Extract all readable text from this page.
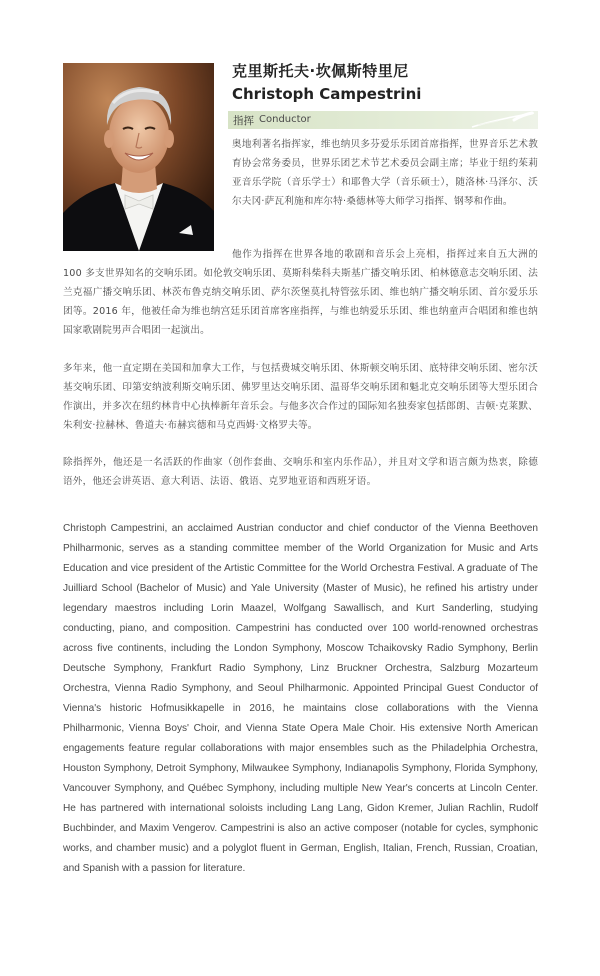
克里斯托夫·坎佩斯特里尼
Christoph Campestrini
指挥 Conductor

奥地利著名指挥家，维也纳贝多芬爱乐乐团首席指挥，世界音乐艺术教育协会常务委员，世界乐团艺术节艺术委员会副主席；毕业于纽约茱莉亚音乐学院（音乐学士）和耶鲁大学（音乐硕士），随洛林·马泽尔、沃尔夫冈·萨瓦利施和库尔特·桑德林等大师学习指挥、钢琴和作曲。

他作为指挥在世界各地的歌剧和音乐会上亮相，指挥过来自五大洲的 100 多支世界知名的交响乐团。如伦敦交响乐团、莫斯科柴科夫斯基广播交响乐团、柏林德意志交响乐团、法兰克福广播交响乐团、林茨布鲁克纳交响乐团、萨尔茨堡莫扎特管弦乐团、维也纳广播交响乐团、首尔爱乐乐团等。2016 年，他被任命为维也纳宫廷乐团首席客座指挥，与维也纳爱乐乐团、维也纳童声合唱团和维也纳国家歌剧院男声合唱团一起演出。

多年来，他一直定期在美国和加拿大工作，与包括费城交响乐团、休斯顿交响乐团、底特律交响乐团、密尔沃基交响乐团、印第安纳波利斯交响乐团、佛罗里达交响乐团、温哥华交响乐团和魁北克交响乐团等大型乐团合作演出，并多次在纽约林肯中心执棒新年音乐会。与他多次合作过的国际知名独奏家包括郎朗、吉顿·克莱默、朱利安·拉赫林、鲁道夫·布赫宾德和马克西姆·文格罗夫等。

除指挥外，他还是一名活跃的作曲家（创作套曲、交响乐和室内乐作品），并且对文学和语言颇为热衷，除德语外，他还会讲英语、意大利语、法语、俄语、克罗地亚语和西班牙语。

Christoph Campestrini, an acclaimed Austrian conductor and chief conductor of the Vienna Beethoven Philharmonic, serves as a standing committee member of the World Organization for Music and Arts Education and vice president of the Artistic Committee for the World Orchestra Festival. A graduate of The Juilliard School (Bachelor of Music) and Yale University (Master of Music), he refined his artistry under legendary maestros including Lorin Maazel, Wolfgang Sawallisch, and Kurt Sanderling, studying conducting, piano, and composition. Campestrini has conducted over 100 world-renowned orchestras across five continents, including the London Symphony, Moscow Tchaikovsky Radio Symphony, Berlin Deutsche Symphony, Frankfurt Radio Symphony, Linz Bruckner Orchestra, Salzburg Mozarteum Orchestra, Vienna Radio Symphony, and Seoul Philharmonic. Appointed Principal Guest Conductor of Vienna's historic Hofmusikkapelle in 2016, he maintains close collaborations with the Vienna Philharmonic, Vienna Boys' Choir, and Vienna State Opera Male Choir. His extensive North American engagements feature regular collaborations with major ensembles such as the Philadelphia Orchestra, Houston Symphony, Detroit Symphony, Milwaukee Symphony, Indianapolis Symphony, Florida Symphony, Vancouver Symphony, and Québec Symphony, including multiple New Year's concerts at Lincoln Center. He has partnered with international soloists including Lang Lang, Gidon Kremer, Julian Rachlin, Rudolf Buchbinder, and Maxim Vengerov. Campestrini is also an active composer (notable for cycles, symphonic works, and chamber music) and a polyglot fluent in German, English, Italian, French, Russian, Croatian, and Spanish with a passion for literature.
